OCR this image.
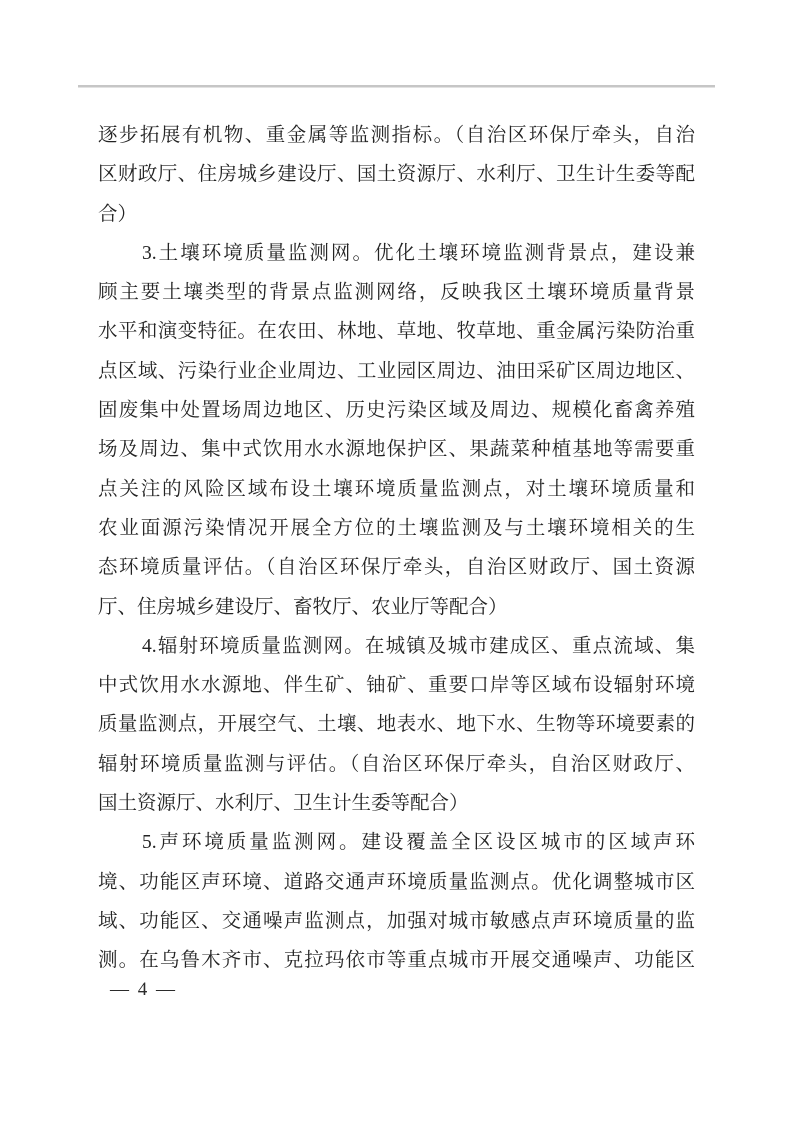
逐步拓展有机物、重金属等监测指标。（自治区环保厅牵头，自治
区财政厅、住房城乡建设厅、国土资源厅、水利厅、卫生计生委等配
合）
3.土壤环境质量监测网。优化土壤环境监测背景点，建设兼
顾主要土壤类型的背景点监测网络，反映我区土壤环境质量背景
水平和演变特征。在农田、林地、草地、牧草地、重金属污染防治重
点区域、污染行业企业周边、工业园区周边、油田采矿区周边地区、
固废集中处置场周边地区、历史污染区域及周边、规模化畜禽养殖
场及周边、集中式饮用水水源地保护区、果蔬菜种植基地等需要重
点关注的风险区域布设土壤环境质量监测点，对土壤环境质量和
农业面源污染情况开展全方位的土壤监测及与土壤环境相关的生
态环境质量评估。（自治区环保厅牵头，自治区财政厅、国土资源
厅、住房城乡建设厅、畜牧厅、农业厅等配合）
4.辐射环境质量监测网。在城镇及城市建成区、重点流域、集
中式饮用水水源地、伴生矿、铀矿、重要口岸等区域布设辐射环境
质量监测点，开展空气、土壤、地表水、地下水、生物等环境要素的
辐射环境质量监测与评估。（自治区环保厅牵头，自治区财政厅、
国土资源厅、水利厅、卫生计生委等配合）
5.声环境质量监测网。建设覆盖全区设区城市的区域声环
境、功能区声环境、道路交通声环境质量监测点。优化调整城市区
域、功能区、交通噪声监测点，加强对城市敏感点声环境质量的监
测。在乌鲁木齐市、克拉玛依市等重点城市开展交通噪声、功能区
— 4 —
